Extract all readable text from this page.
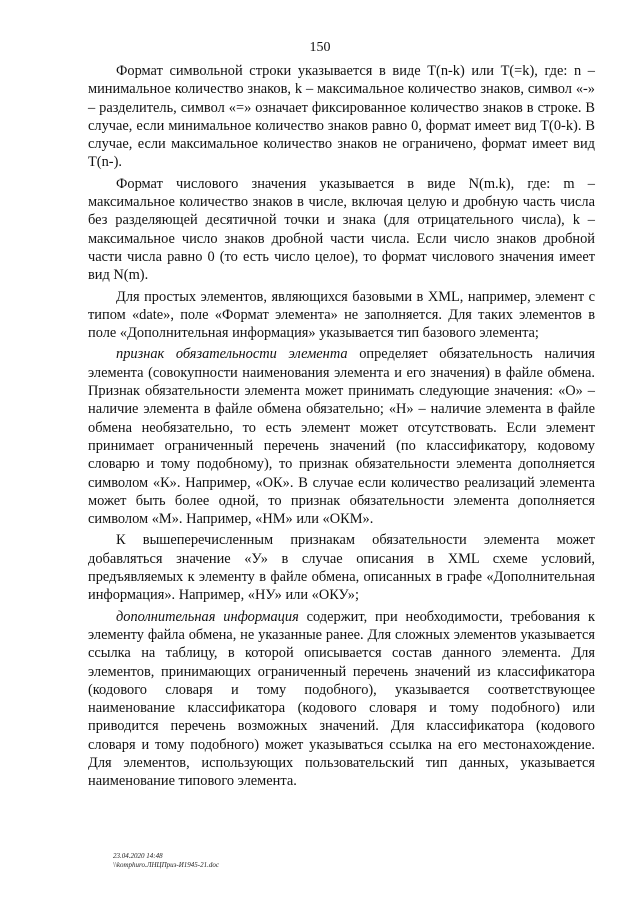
150

Формат символьной строки указывается в виде T(n-k) или T(=k), где: n – минимальное количество знаков, k – максимальное количество знаков, символ «-» – разделитель, символ «=» означает фиксированное количество знаков в строке. В случае, если минимальное количество знаков равно 0, формат имеет вид T(0-k). В случае, если максимальное количество знаков не ограничено, формат имеет вид T(n-).

Формат числового значения указывается в виде N(m.k), где: m – максимальное количество знаков в числе, включая целую и дробную часть числа без разделяющей десятичной точки и знака (для отрицательного числа), k – максимальное число знаков дробной части числа. Если число знаков дробной части числа равно 0 (то есть число целое), то формат числового значения имеет вид N(m).

Для простых элементов, являющихся базовыми в XML, например, элемент с типом «date», поле «Формат элемента» не заполняется. Для таких элементов в поле «Дополнительная информация» указывается тип базового элемента;

признак обязательности элемента определяет обязательность наличия элемента (совокупности наименования элемента и его значения) в файле обмена. Признак обязательности элемента может принимать следующие значения: «О» – наличие элемента в файле обмена обязательно; «Н» – наличие элемента в файле обмена необязательно, то есть элемент может отсутствовать. Если элемент принимает ограниченный перечень значений (по классификатору, кодовому словарю и тому подобному), то признак обязательности элемента дополняется символом «К». Например, «ОК». В случае если количество реализаций элемента может быть более одной, то признак обязательности элемента дополняется символом «М». Например, «НМ» или «ОКМ».

К вышеперечисленным признакам обязательности элемента может добавляться значение «У» в случае описания в XML схеме условий, предъявляемых к элементу в файле обмена, описанных в графе «Дополнительная информация». Например, «НУ» или «ОКУ»;

дополнительная информация содержит, при необходимости, требования к элементу файла обмена, не указанные ранее. Для сложных элементов указывается ссылка на таблицу, в которой описывается состав данного элемента. Для элементов, принимающих ограниченный перечень значений из классификатора (кодового словаря и тому подобного), указывается соответствующее наименование классификатора (кодового словаря и тому подобного) или приводится перечень возможных значений. Для классификатора (кодового словаря и тому подобного) может указываться ссылка на его местонахождение. Для элементов, использующих пользовательский тип данных, указывается наименование типового элемента.

23.04.2020 14:48
\\komphuro.ЛНЦПриз-И1945-21.doc
